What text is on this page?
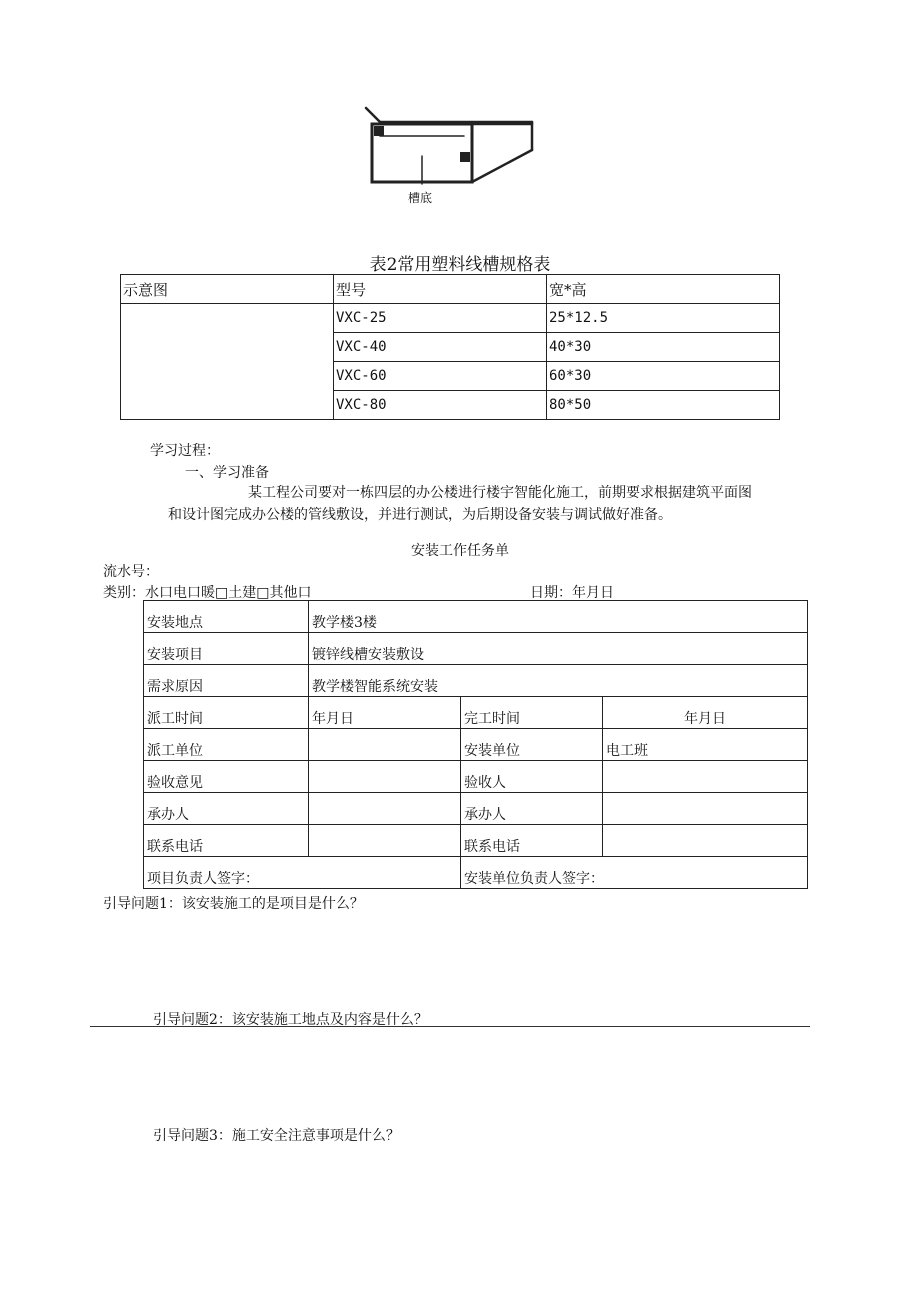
槽底
表2常用塑料线槽规格表
示意图	型号	宽*高
	VXC-25	25*12.5
	VXC-40	40*30
	VXC-60	60*30
	VXC-80	80*50
学习过程：
一、学习准备
某工程公司要对一栋四层的办公楼进行楼宇智能化施工，前期要求根据建筑平面图
和设计图完成办公楼的管线敷设，并进行测试，为后期设备安装与调试做好准备。
安装工作任务单
流水号：
类别：水口电口暖□土建□其他口	日期：年月日
安装地点	教学楼3楼		
安装项目	镀锌线槽安装敷设		
需求原因	教学楼智能系统安装		
派工时间	年月日	完工时间	年月日
派工单位		安装单位	电工班
验收意见		验收人	
承办人		承办人	
联系电话		联系电话	
项目负责人签字：		安装单位负责人签字：	
引导问题1：该安装施工的是项目是什么？
引导问题2：该安装施工地点及内容是什么？
引导问题3：施工安全注意事项是什么？
